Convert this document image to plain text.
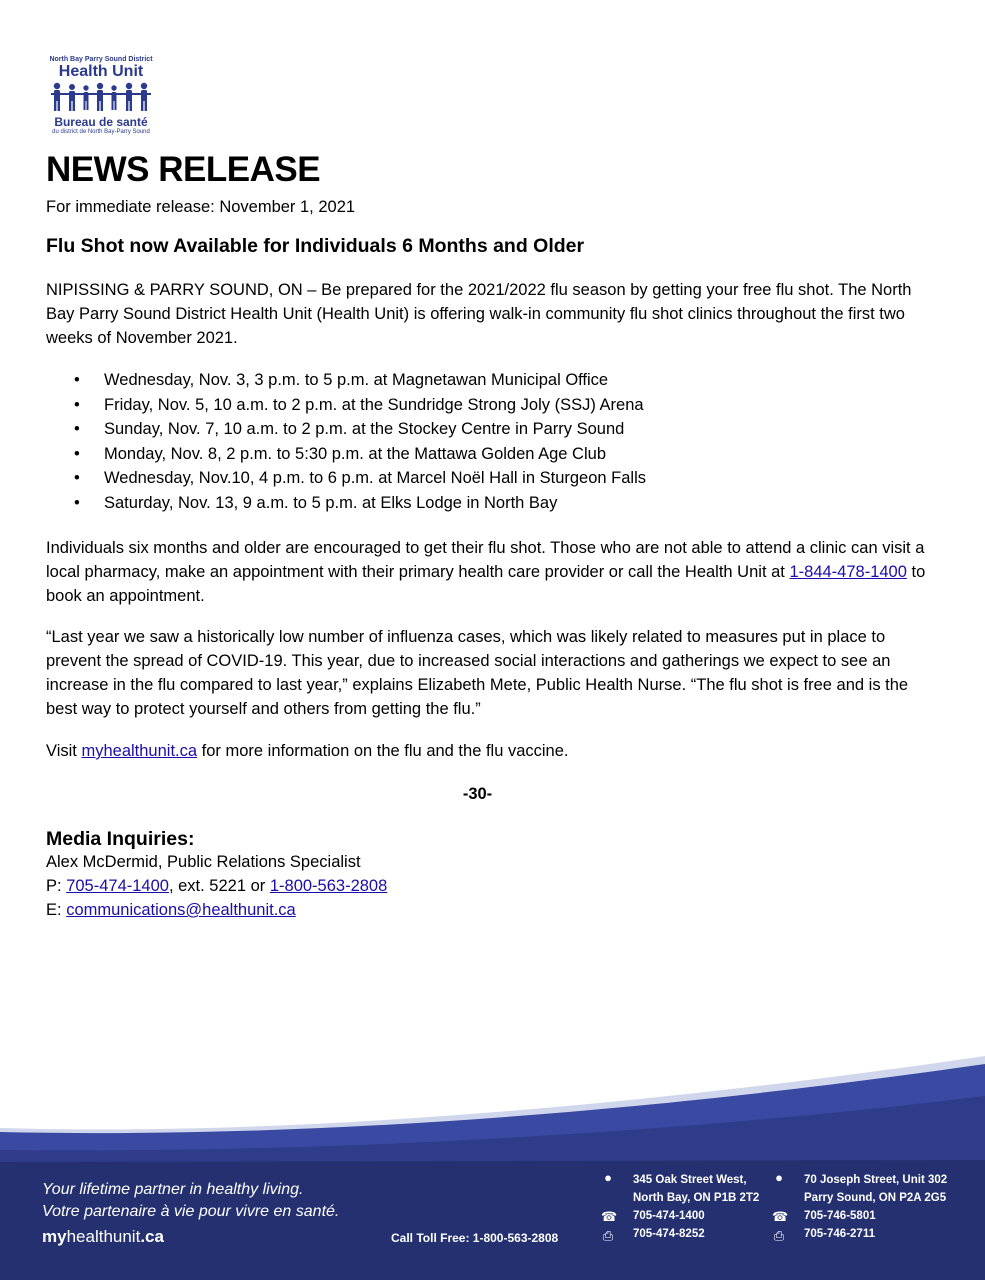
North Bay Parry Sound District
Health Unit
Bureau de santé
du district de North Bay-Parry Sound
NEWS RELEASE
For immediate release: November 1, 2021
Flu Shot now Available for Individuals 6 Months and Older
NIPISSING & PARRY SOUND, ON – Be prepared for the 2021/2022 flu season by getting your free flu shot. The North Bay Parry Sound District Health Unit (Health Unit) is offering walk-in community flu shot clinics throughout the first two weeks of November 2021.
• Wednesday, Nov. 3, 3 p.m. to 5 p.m. at Magnetawan Municipal Office
• Friday, Nov. 5, 10 a.m. to 2 p.m. at the Sundridge Strong Joly (SSJ) Arena
• Sunday, Nov. 7, 10 a.m. to 2 p.m. at the Stockey Centre in Parry Sound
• Monday, Nov. 8, 2 p.m. to 5:30 p.m. at the Mattawa Golden Age Club
• Wednesday, Nov.10, 4 p.m. to 6 p.m. at Marcel Noël Hall in Sturgeon Falls
• Saturday, Nov. 13, 9 a.m. to 5 p.m. at Elks Lodge in North Bay
Individuals six months and older are encouraged to get their flu shot. Those who are not able to attend a clinic can visit a local pharmacy, make an appointment with their primary health care provider or call the Health Unit at 1-844-478-1400 to book an appointment.
“Last year we saw a historically low number of influenza cases, which was likely related to measures put in place to prevent the spread of COVID-19. This year, due to increased social interactions and gatherings we expect to see an increase in the flu compared to last year,” explains Elizabeth Mete, Public Health Nurse. “The flu shot is free and is the best way to protect yourself and others from getting the flu.”
Visit myhealthunit.ca for more information on the flu and the flu vaccine.
-30-
Media Inquiries:
Alex McDermid, Public Relations Specialist
P: 705-474-1400, ext. 5221 or 1-800-563-2808
E: communications@healthunit.ca
Your lifetime partner in healthy living.
Votre partenaire à vie pour vivre en santé.
myhealthunit.ca	Call Toll Free: 1-800-563-2808
●
☎
⎙
345 Oak Street West,
North Bay, ON P1B 2T2
705-474-1400
705-474-8252
●
☎
⎙
70 Joseph Street, Unit 302
Parry Sound, ON P2A 2G5
705-746-5801
705-746-2711
